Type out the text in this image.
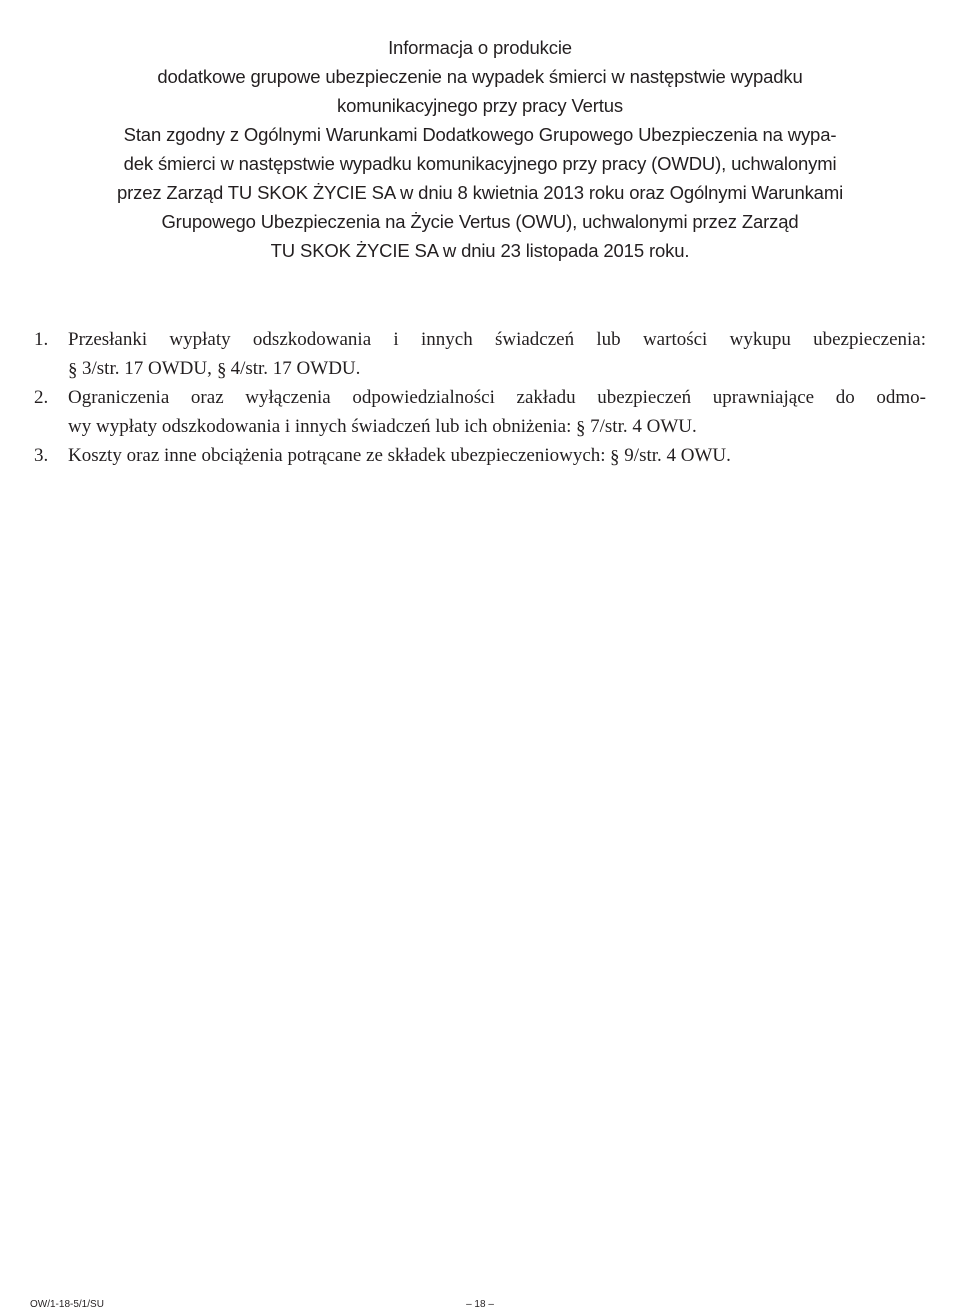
Informacja o produkcie
dodatkowe grupowe ubezpieczenie na wypadek śmierci w następstwie wypadku
komunikacyjnego przy pracy Vertus
Stan zgodny z Ogólnymi Warunkami Dodatkowego Grupowego Ubezpieczenia na wypa-
dek śmierci w następstwie wypadku komunikacyjnego przy pracy (OWDU), uchwalonymi
przez Zarząd TU SKOK ŻYCIE SA w dniu 8 kwietnia 2013 roku oraz Ogólnymi Warunkami
Grupowego Ubezpieczenia na Życie Vertus (OWU), uchwalonymi przez Zarząd
TU SKOK ŻYCIE SA w dniu 23 listopada 2015 roku.
1. Przesłanki wypłaty odszkodowania i innych świadczeń lub wartości wykupu ubezpieczenia:
§ 3/str. 17 OWDU, § 4/str. 17 OWDU.
2. Ograniczenia oraz wyłączenia odpowiedzialności zakładu ubezpieczeń uprawniające do odmo-
wy wypłaty odszkodowania i innych świadczeń lub ich obniżenia: § 7/str. 4 OWU.
3. Koszty oraz inne obciążenia potrącane ze składek ubezpieczeniowych: § 9/str. 4 OWU.
OW/1-18-5/1/SU	– 18 –
